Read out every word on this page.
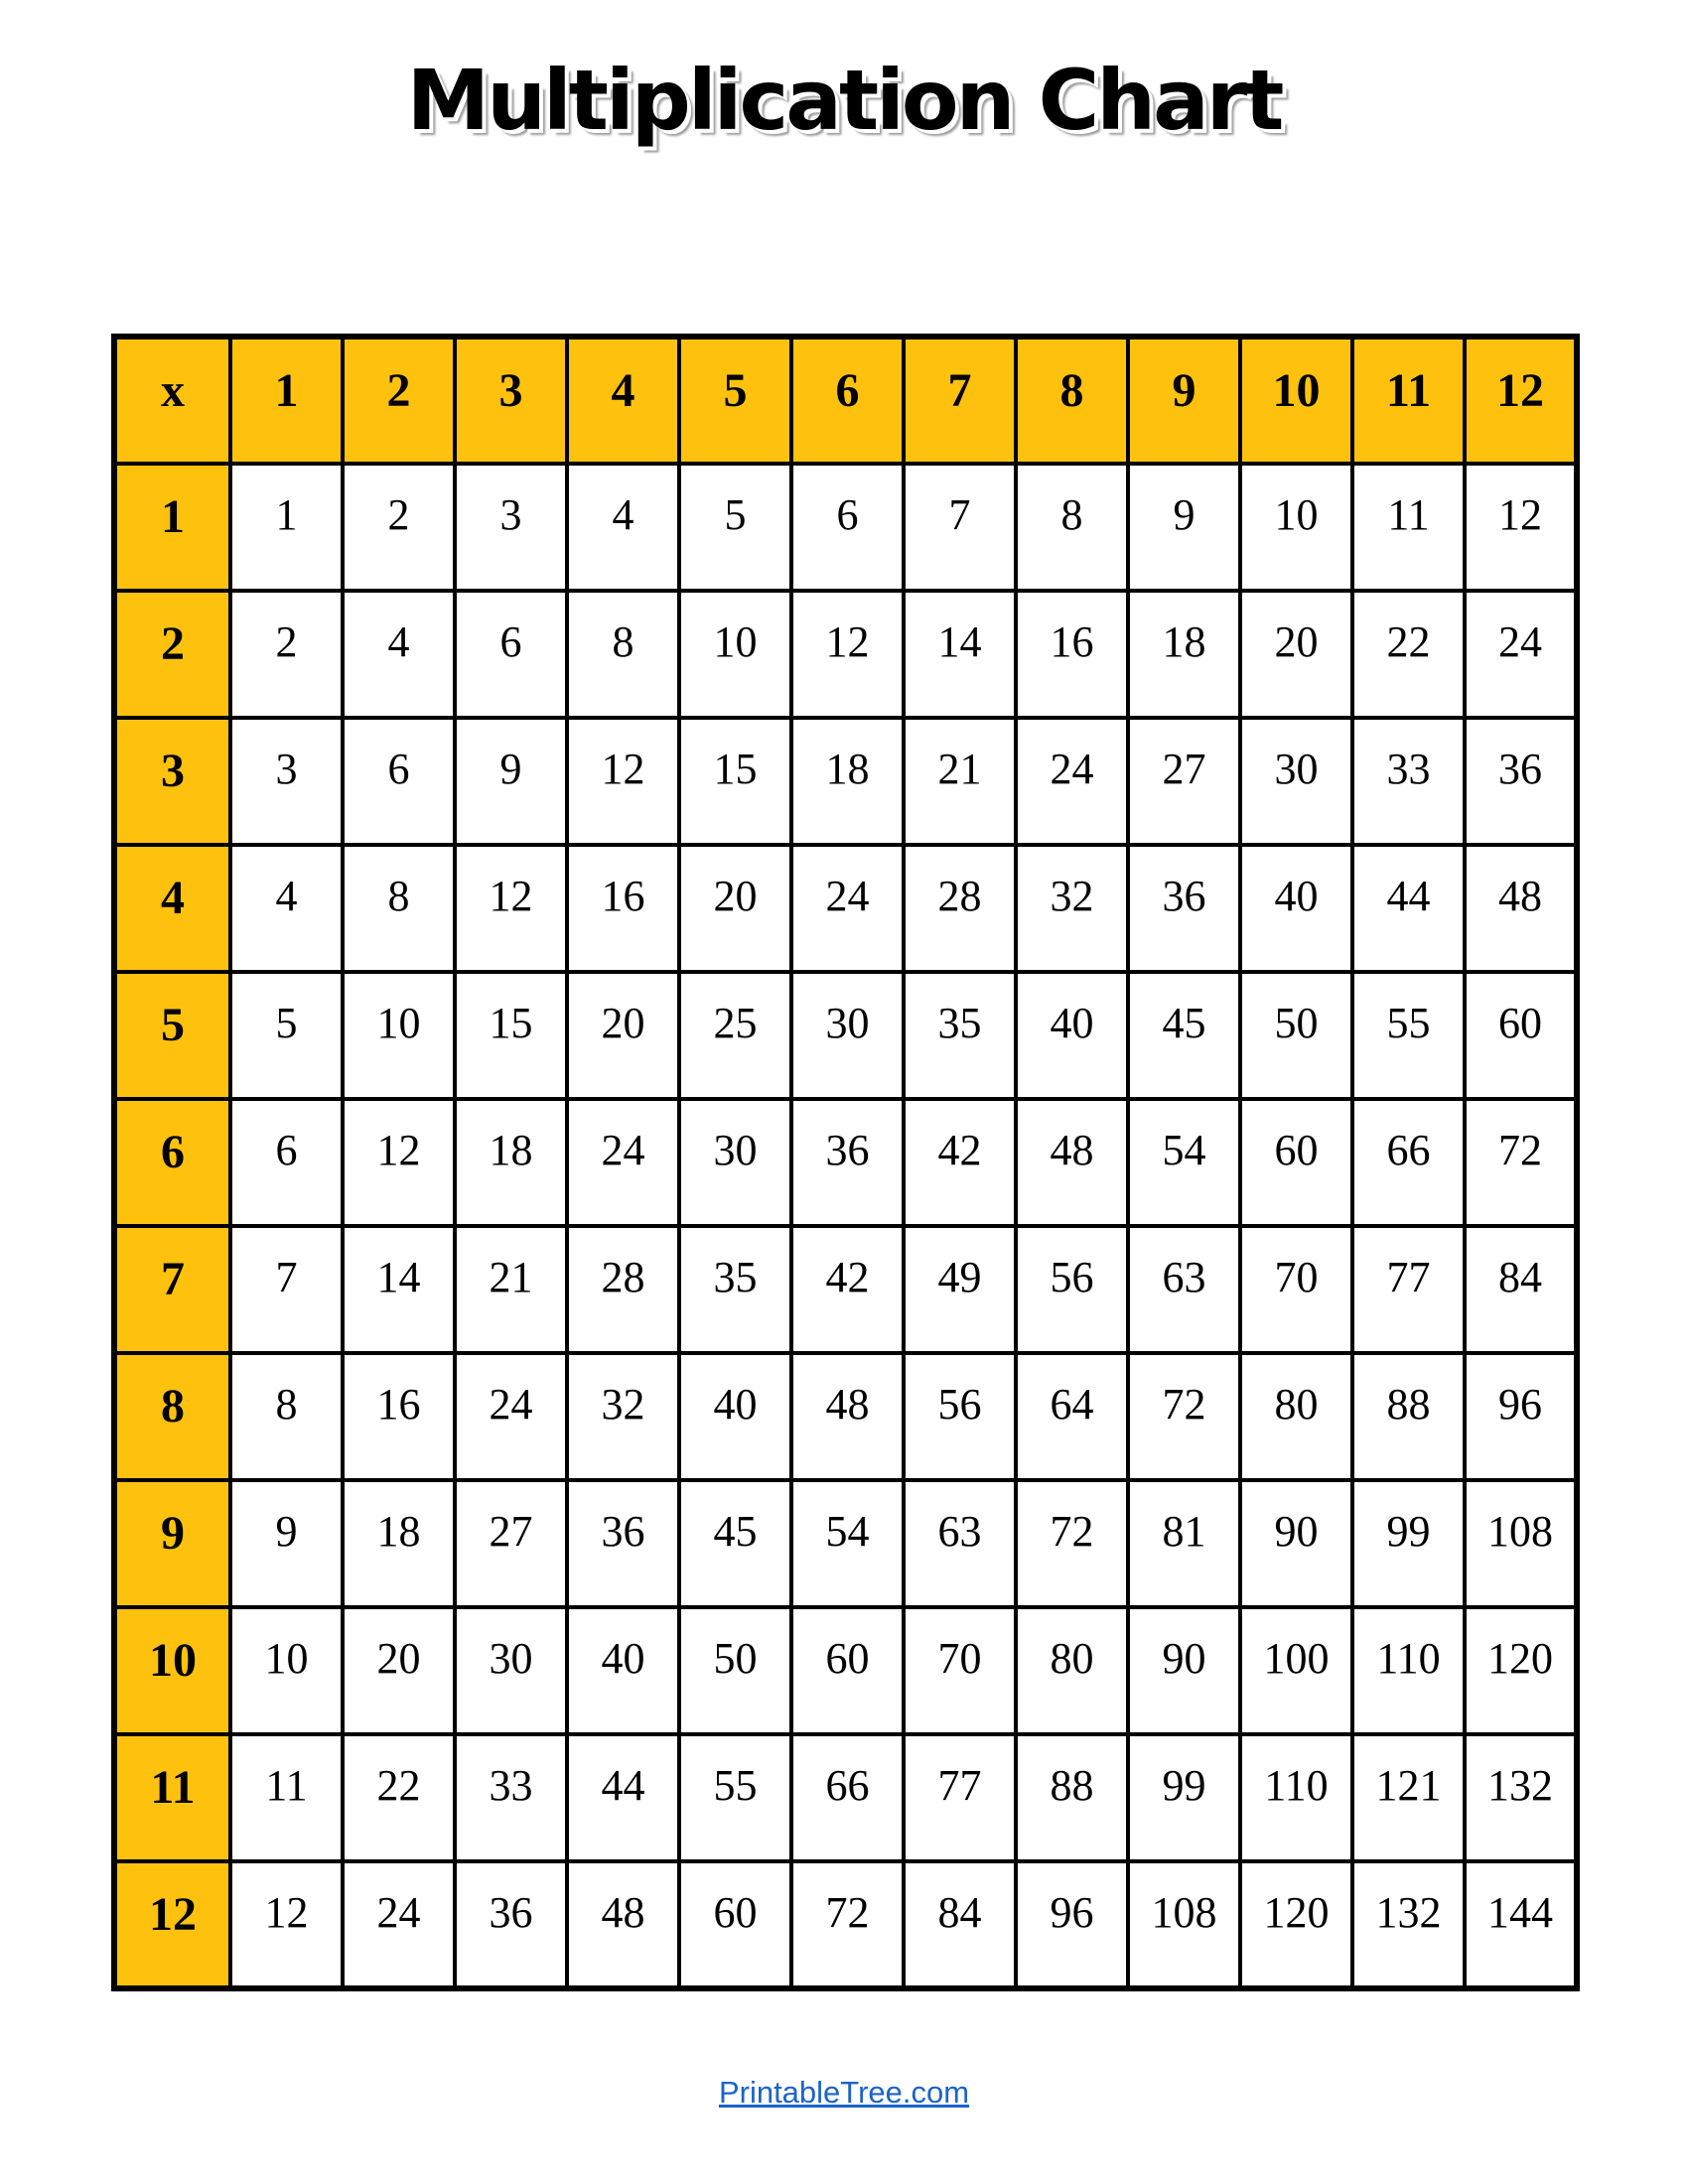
Multiplication Chart
x	1	2	3	4	5	6	7	8	9	10	11	12

1	1	2	3	4	5	6	7	8	9	10	11	12

2	2	4	6	8	10	12	14	16	18	20	22	24

3	3	6	9	12	15	18	21	24	27	30	33	36

4	4	8	12	16	20	24	28	32	36	40	44	48

5	5	10	15	20	25	30	35	40	45	50	55	60

6	6	12	18	24	30	36	42	48	54	60	66	72

7	7	14	21	28	35	42	49	56	63	70	77	84

8	8	16	24	32	40	48	56	64	72	80	88	96

9	9	18	27	36	45	54	63	72	81	90	99	108

10	10	20	30	40	50	60	70	80	90	100	110	120

11	11	22	33	44	55	66	77	88	99	110	121	132

12	12	24	36	48	60	72	84	96	108	120	132	144
PrintableTree.com
